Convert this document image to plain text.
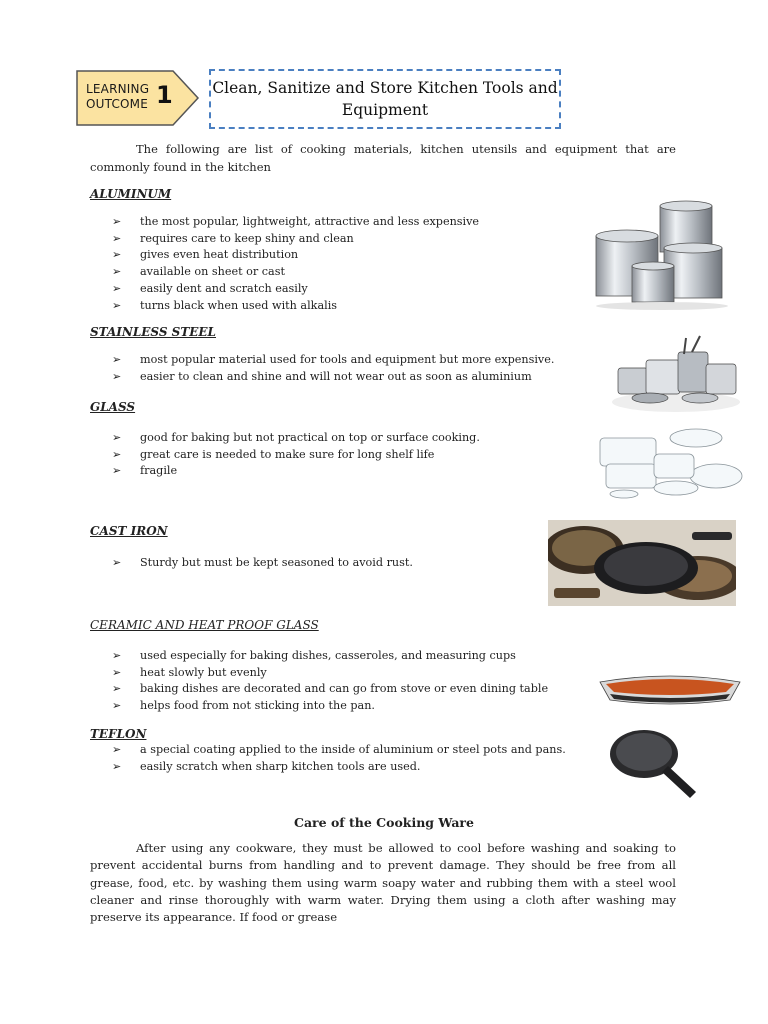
LEARNING
OUTCOME 1	Clean, Sanitize and Store Kitchen Tools and
Equipment
The following are list of cooking materials, kitchen utensils and equipment that are commonly found in the kitchen
ALUMINUM
➢ the most popular, lightweight, attractive and less expensive
➢ requires care to keep shiny and clean
➢ gives even heat distribution
➢ available on sheet or cast
➢ easily dent and scratch easily
➢ turns black when used with alkalis
STAINLESS STEEL
➢ most popular material used for tools and equipment but more expensive.
➢ easier to clean and shine and will not wear out as soon as aluminium
GLASS
➢ good for baking but not practical on top or surface cooking.
➢ great care is needed to make sure for long shelf life
➢ fragile
CAST IRON
➢ Sturdy but must be kept seasoned to avoid rust.
CERAMIC AND HEAT PROOF GLASS
➢ used especially for baking dishes, casseroles, and measuring cups
➢ heat slowly but evenly
➢ baking dishes are decorated and can go from stove or even dining table
➢ helps food from not sticking into the pan.
TEFLON
➢ a special coating applied to the inside of aluminium or steel pots and pans.
➢ easily scratch when sharp kitchen tools are used.
Care of the Cooking Ware
After using any cookware, they must be allowed to cool before washing and soaking to prevent accidental burns from handling and to prevent damage. They should be free from all grease, food, etc. by washing them using warm soapy water and rubbing them with a steel wool cleaner and rinse thoroughly with warm water. Drying them using a cloth after washing may preserve its appearance. If food or grease
